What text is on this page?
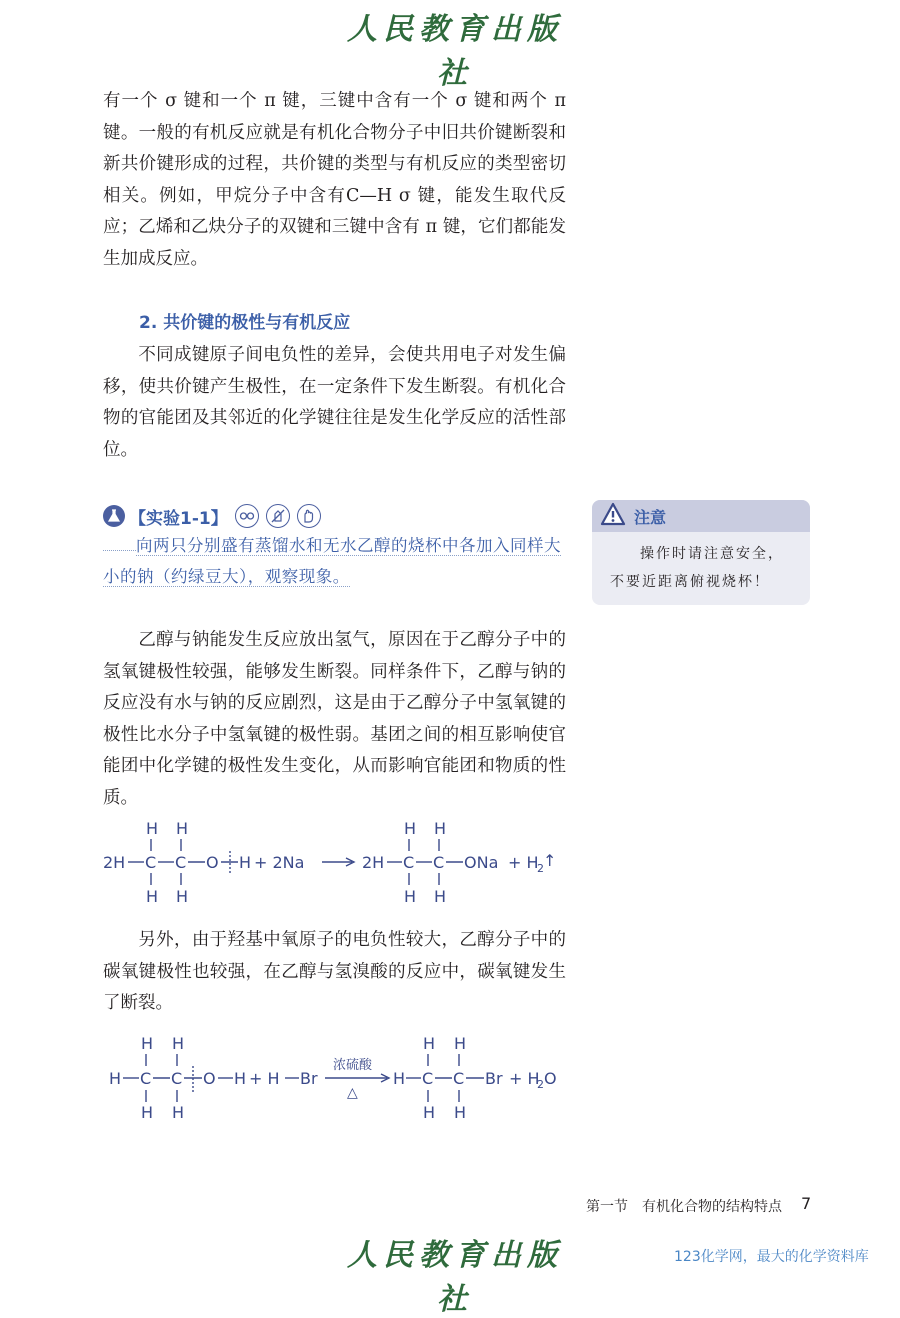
人民教育出版社

有一个 σ 键和一个 π 键，三键中含有一个 σ 键和两个 π 键。一般的有机反应就是有机化合物分子中旧共价键断裂和新共价键形成的过程，共价键的类型与有机反应的类型密切相关。例如，甲烷分子中含有C—H σ 键，能发生取代反应；乙烯和乙炔分子的双键和三键中含有 π 键，它们都能发生加成反应。

2. 共价键的极性与有机反应

不同成键原子间电负性的差异，会使共用电子对发生偏移，使共价键产生极性，在一定条件下发生断裂。有机化合物的官能团及其邻近的化学键往往是发生化学反应的活性部位。

【实验1-1】

向两只分别盛有蒸馏水和无水乙醇的烧杯中各加入同样大小的钠（约绿豆大），观察现象。

注意
操作时请注意安全，不要近距离俯视烧杯！

乙醇与钠能发生反应放出氢气，原因在于乙醇分子中的氢氧键极性较强，能够发生断裂。同样条件下，乙醇与钠的反应没有水与钠的反应剧烈，这是由于乙醇分子中氢氧键的极性比水分子中氢氧键的极性弱。基团之间的相互影响使官能团中化学键的极性发生变化，从而影响官能团和物质的性质。

H H
2H C C O H
H H
+ 2Na
H H
2H C C ONa
H H
+ H
2 ↑

另外，由于羟基中氧原子的电负性较大，乙醇分子中的碳氧键极性也较强，在乙醇与氢溴酸的反应中，碳氧键发生了断裂。

H H
H C C O H
H H
+ H Br
浓硫酸
△
H H
H C C Br
H H
+ H
2 O
第一节　有机化合物的结构特点 7
人民教育出版社
123化学网，最大的化学资料库
